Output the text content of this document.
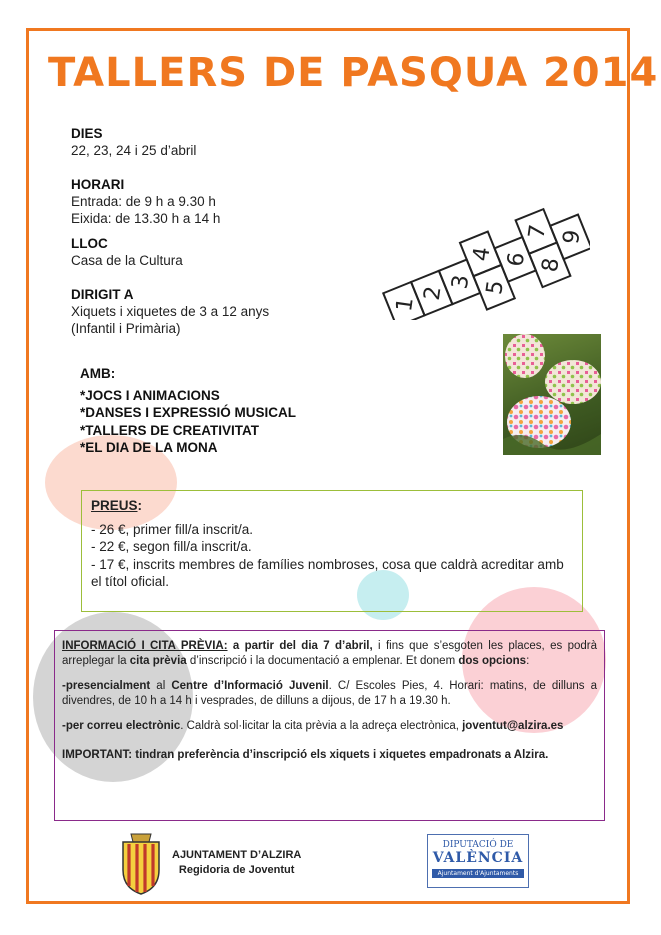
TALLERS DE PASQUA 2014
DIES
22, 23, 24 i 25 d’abril
HORARI
Entrada: de 9 h a 9.30 h
Eixida: de 13.30 h a 14 h
LLOC
Casa de la Cultura
DIRIGIT A
Xiquets i xiquetes de 3 a 12 anys
(Infantil i Primària)
1
2
3
4
5
6
7
8
9
AMB:
*JOCS I ANIMACIONS
*DANSES I EXPRESSIÓ MUSICAL
*TALLERS DE CREATIVITAT
*EL DIA DE LA MONA
PREUS:
- 26 €, primer fill/a inscrit/a.
- 22 €, segon fill/a inscrit/a.
- 17 €, inscrits membres de famílies nombroses, cosa que caldrà acreditar amb el títol oficial.

INFORMACIÓ I CITA PRÈVIA: a partir del dia 7 d’abril, i fins que s’esgoten les places, es podrà arreplegar la cita prèvia d’inscripció i la documentació a emplenar. Et donem dos opcions:

-presencialment al Centre d’Informació Juvenil. C/ Escoles Pies, 4. Horari: matins, de dilluns a divendres, de 10 h a 14 h i vesprades, de dilluns a dijous, de 17 h a 19.30 h.

-per correu electrònic. Caldrà sol·licitar la cita prèvia a la adreça electrònica, joventut@alzira.es

IMPORTANT: tindran preferència d’inscripció els xiquets i xiquetes empadronats a Alzira.

AJUNTAMENT D’ALZIRA
Regidoria de Joventut
DIPUTACIÓ DE
VALÈNCIA
Ajuntament d'Ajuntaments
